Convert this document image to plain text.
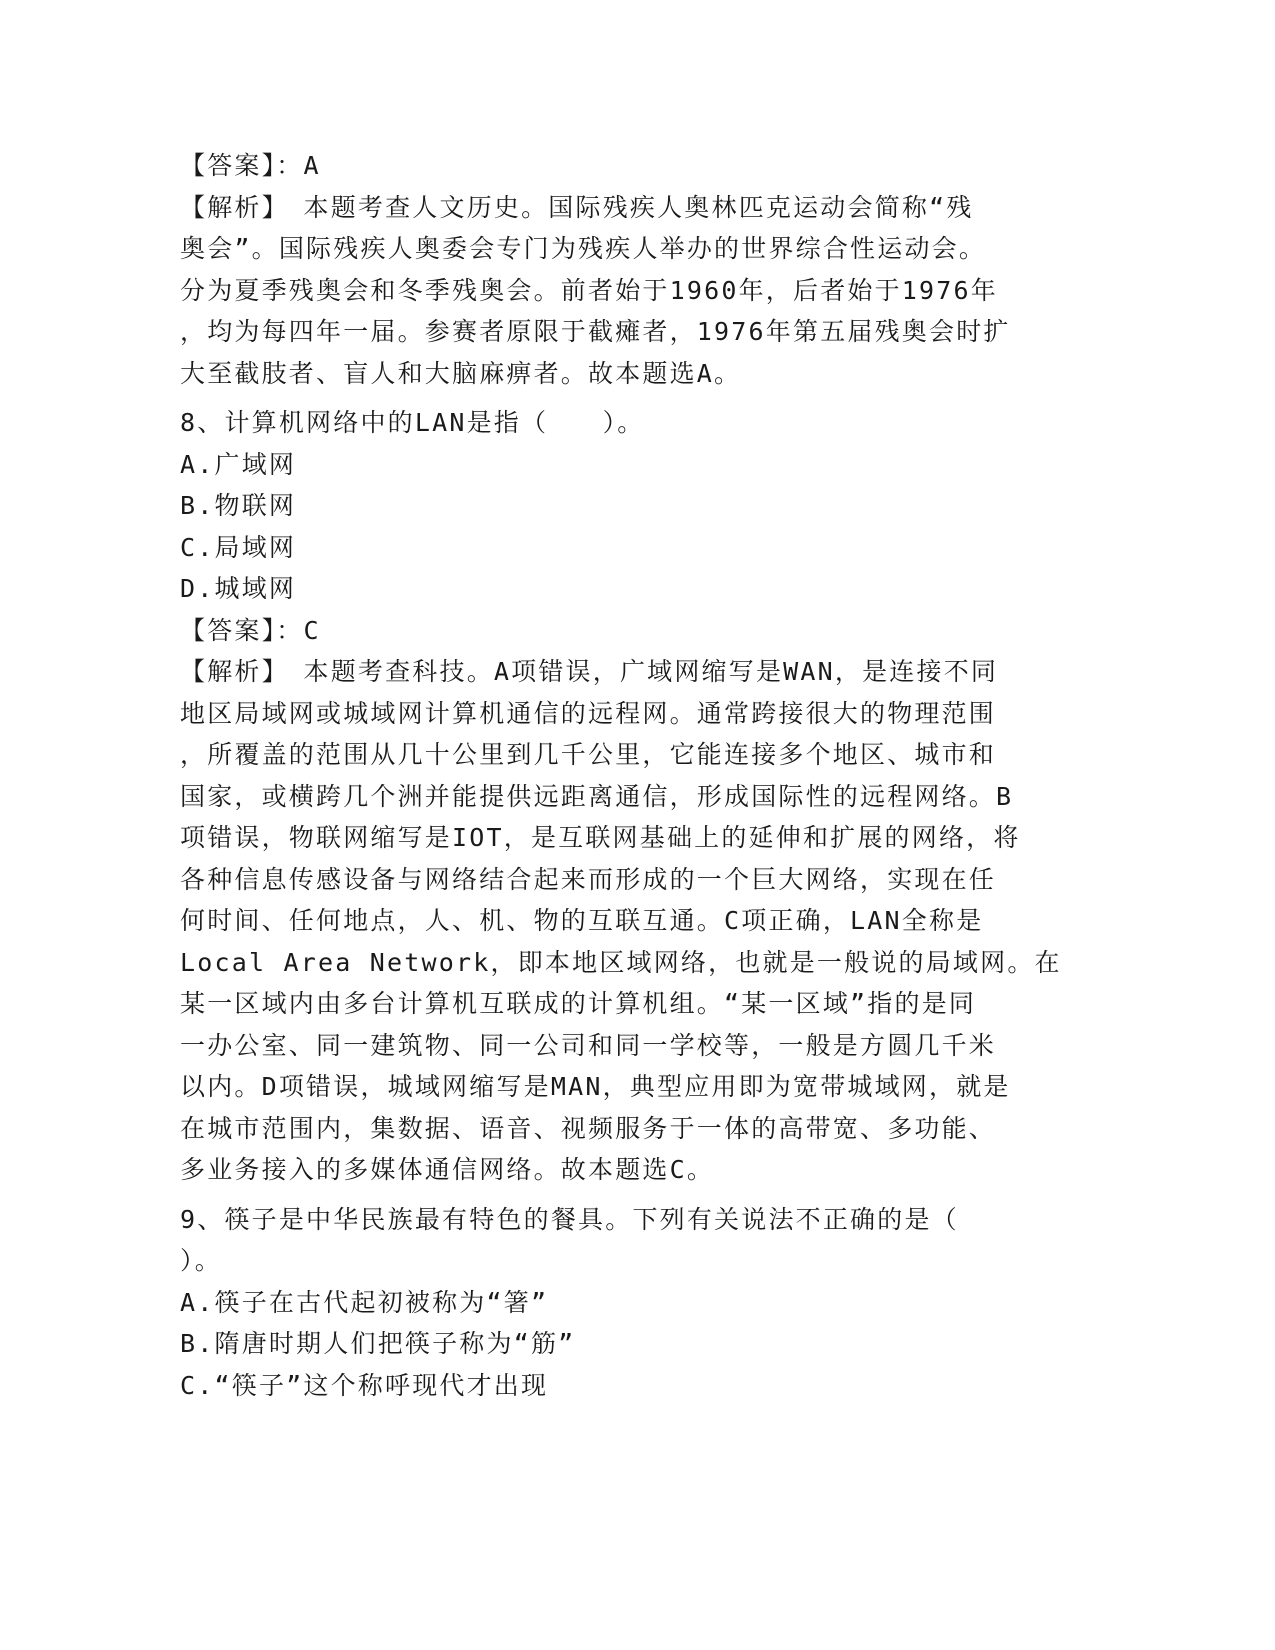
【答案】：A
【解析】　本题考查人文历史。国际残疾人奥林匹克运动会简称“残
奥会”。国际残疾人奥委会专门为残疾人举办的世界综合性运动会。
分为夏季残奥会和冬季残奥会。前者始于1960年，后者始于1976年
，均为每四年一届。参赛者原限于截瘫者，1976年第五届残奥会时扩
大至截肢者、盲人和大脑麻痹者。故本题选A。
8、计算机网络中的LAN是指（　　）。
A.广域网
B.物联网
C.局域网
D.城域网
【答案】：C
【解析】　本题考查科技。A项错误，广域网缩写是WAN，是连接不同
地区局域网或城域网计算机通信的远程网。通常跨接很大的物理范围
，所覆盖的范围从几十公里到几千公里，它能连接多个地区、城市和
国家，或横跨几个洲并能提供远距离通信，形成国际性的远程网络。B
项错误，物联网缩写是IOT，是互联网基础上的延伸和扩展的网络，将
各种信息传感设备与网络结合起来而形成的一个巨大网络，实现在任
何时间、任何地点，人、机、物的互联互通。C项正确，LAN全称是
Local Area Network，即本地区域网络，也就是一般说的局域网。在
某一区域内由多台计算机互联成的计算机组。“某一区域”指的是同
一办公室、同一建筑物、同一公司和同一学校等，一般是方圆几千米
以内。D项错误，城域网缩写是MAN，典型应用即为宽带城域网，就是
在城市范围内，集数据、语音、视频服务于一体的高带宽、多功能、
多业务接入的多媒体通信网络。故本题选C。
9、筷子是中华民族最有特色的餐具。下列有关说法不正确的是（
）。
A.筷子在古代起初被称为“箸”
B.隋唐时期人们把筷子称为“筋”
C.“筷子”这个称呼现代才出现
